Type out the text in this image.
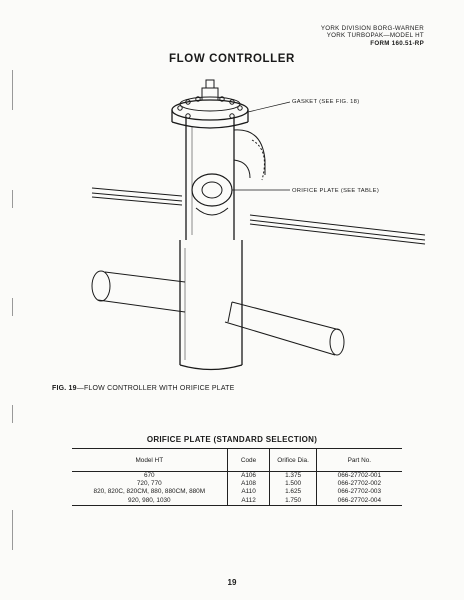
YORK DIVISION BORG-WARNER
YORK TURBOPAK—MODEL HT
FORM 160.51-RP
FLOW CONTROLLER
GASKET (SEE FIG. 18)
ORIFICE PLATE (SEE TABLE)
FIG. 19—FLOW CONTROLLER WITH ORIFICE PLATE
ORIFICE PLATE (STANDARD SELECTION)
Model HT	Code	Orifice Dia.	Part No.
670	A106	1.375	066-27702-001
720, 770	A108	1.500	066-27702-002
820, 820C, 820CM, 880, 880CM, 880M	A110	1.625	066-27702-003
920, 980, 1030	A112	1.750	066-27702-004
19
